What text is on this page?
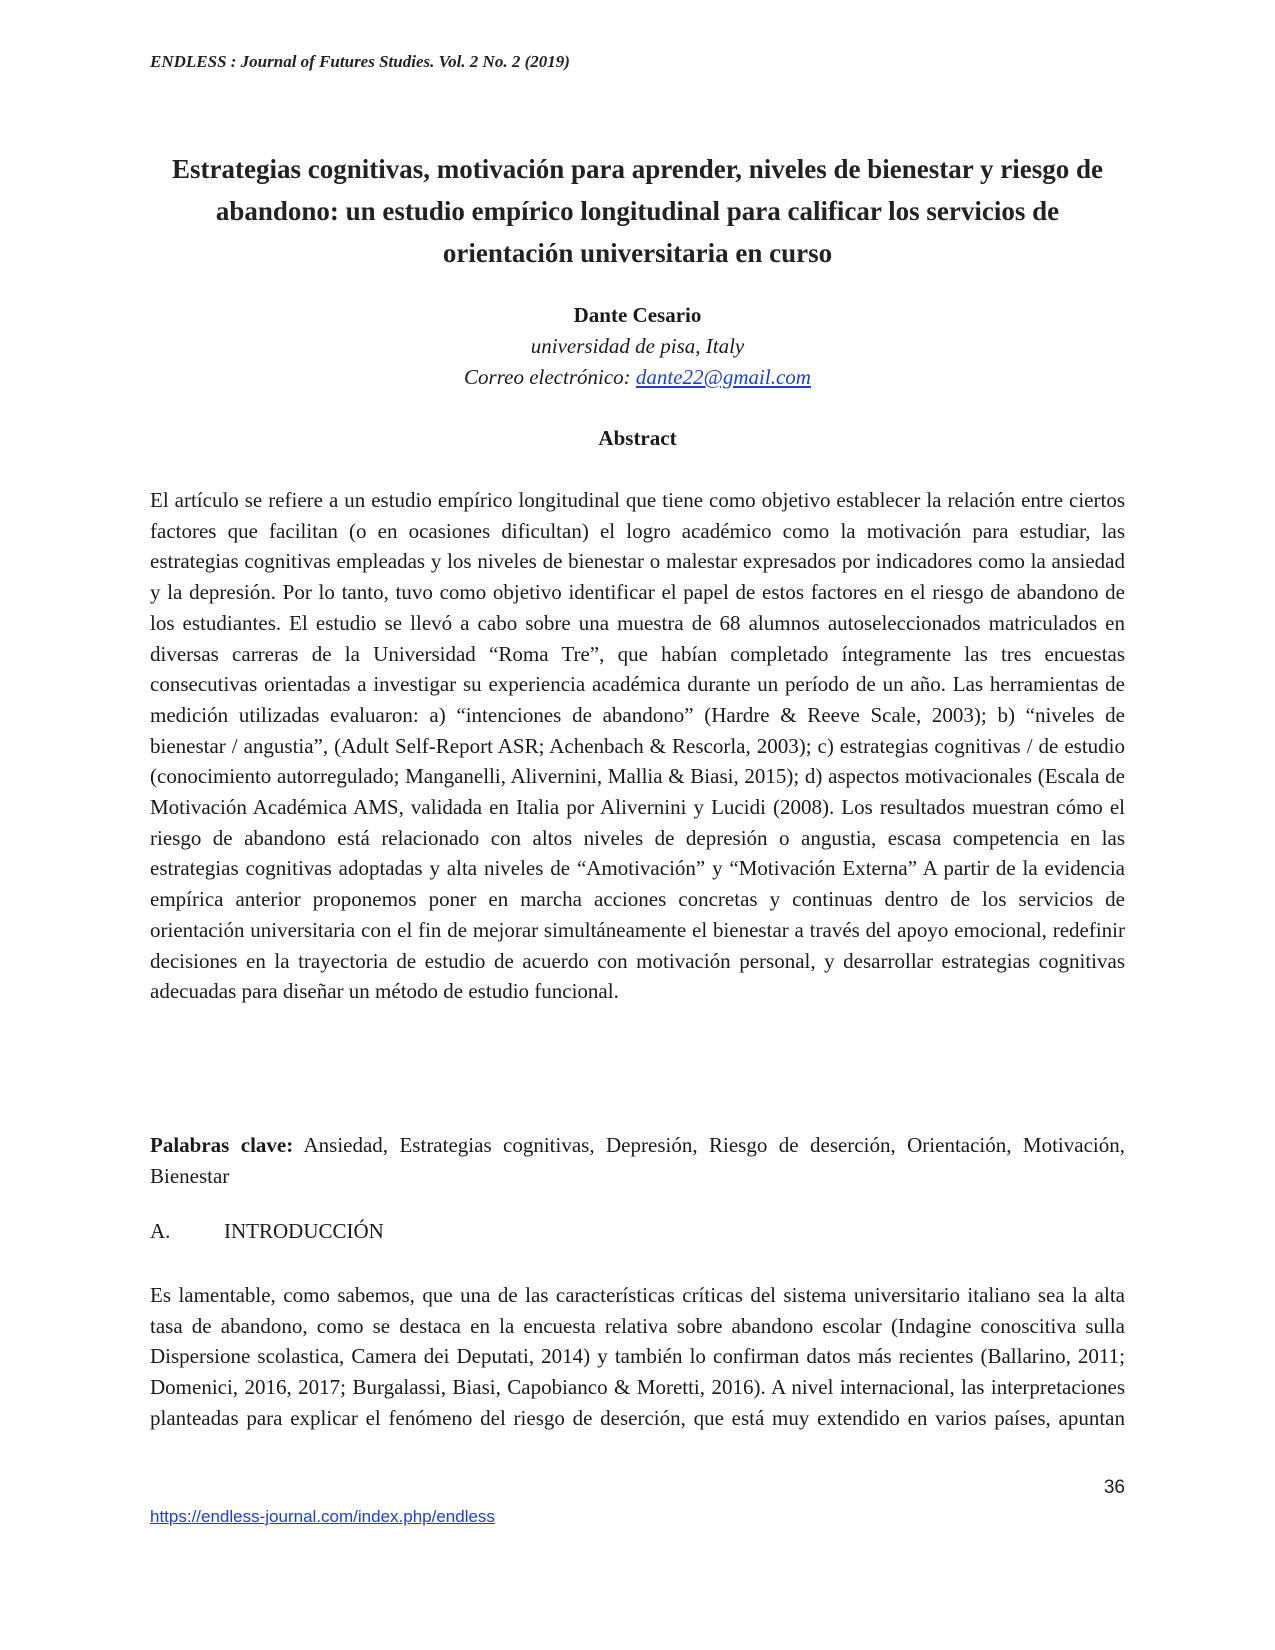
ENDLESS : Journal of Futures Studies. Vol. 2 No. 2 (2019)
Estrategias cognitivas, motivación para aprender, niveles de bienestar y riesgo de abandono: un estudio empírico longitudinal para calificar los servicios de orientación universitaria en curso
Dante Cesario
universidad de pisa, Italy
Correo electrónico: dante22@gmail.com
Abstract
El artículo se refiere a un estudio empírico longitudinal que tiene como objetivo establecer la relación entre ciertos factores que facilitan (o en ocasiones dificultan) el logro académico como la motivación para estudiar, las estrategias cognitivas empleadas y los niveles de bienestar o malestar expresados por indicadores como la ansiedad y la depresión. Por lo tanto, tuvo como objetivo identificar el papel de estos factores en el riesgo de abandono de los estudiantes. El estudio se llevó a cabo sobre una muestra de 68 alumnos autoseleccionados matriculados en diversas carreras de la Universidad “Roma Tre”, que habían completado íntegramente las tres encuestas consecutivas orientadas a investigar su experiencia académica durante un período de un año. Las herramientas de medición utilizadas evaluaron: a) “intenciones de abandono” (Hardre & Reeve Scale, 2003); b) “niveles de bienestar / angustia”, (Adult Self-Report ASR; Achenbach & Rescorla, 2003); c) estrategias cognitivas / de estudio (conocimiento autorregulado; Manganelli, Alivernini, Mallia & Biasi, 2015); d) aspectos motivacionales (Escala de Motivación Académica AMS, validada en Italia por Alivernini y Lucidi (2008). Los resultados muestran cómo el riesgo de abandono está relacionado con altos niveles de depresión o angustia, escasa competencia en las estrategias cognitivas adoptadas y alta niveles de “Amotivación” y “Motivación Externa” A partir de la evidencia empírica anterior proponemos poner en marcha acciones concretas y continuas dentro de los servicios de orientación universitaria con el fin de mejorar simultáneamente el bienestar a través del apoyo emocional, redefinir decisiones en la trayectoria de estudio de acuerdo con motivación personal, y desarrollar estrategias cognitivas adecuadas para diseñar un método de estudio funcional.
Palabras clave: Ansiedad, Estrategias cognitivas, Depresión, Riesgo de deserción, Orientación, Motivación, Bienestar
A.	INTRODUCCIÓN
Es lamentable, como sabemos, que una de las características críticas del sistema universitario italiano sea la alta tasa de abandono, como se destaca en la encuesta relativa sobre abandono escolar (Indagine conoscitiva sulla Dispersione scolastica, Camera dei Deputati, 2014) y también lo confirman datos más recientes (Ballarino, 2011; Domenici, 2016, 2017; Burgalassi, Biasi, Capobianco & Moretti, 2016). A nivel internacional, las interpretaciones planteadas para explicar el fenómeno del riesgo de deserción, que está muy extendido en varios países, apuntan
36
https://endless-journal.com/index.php/endless
